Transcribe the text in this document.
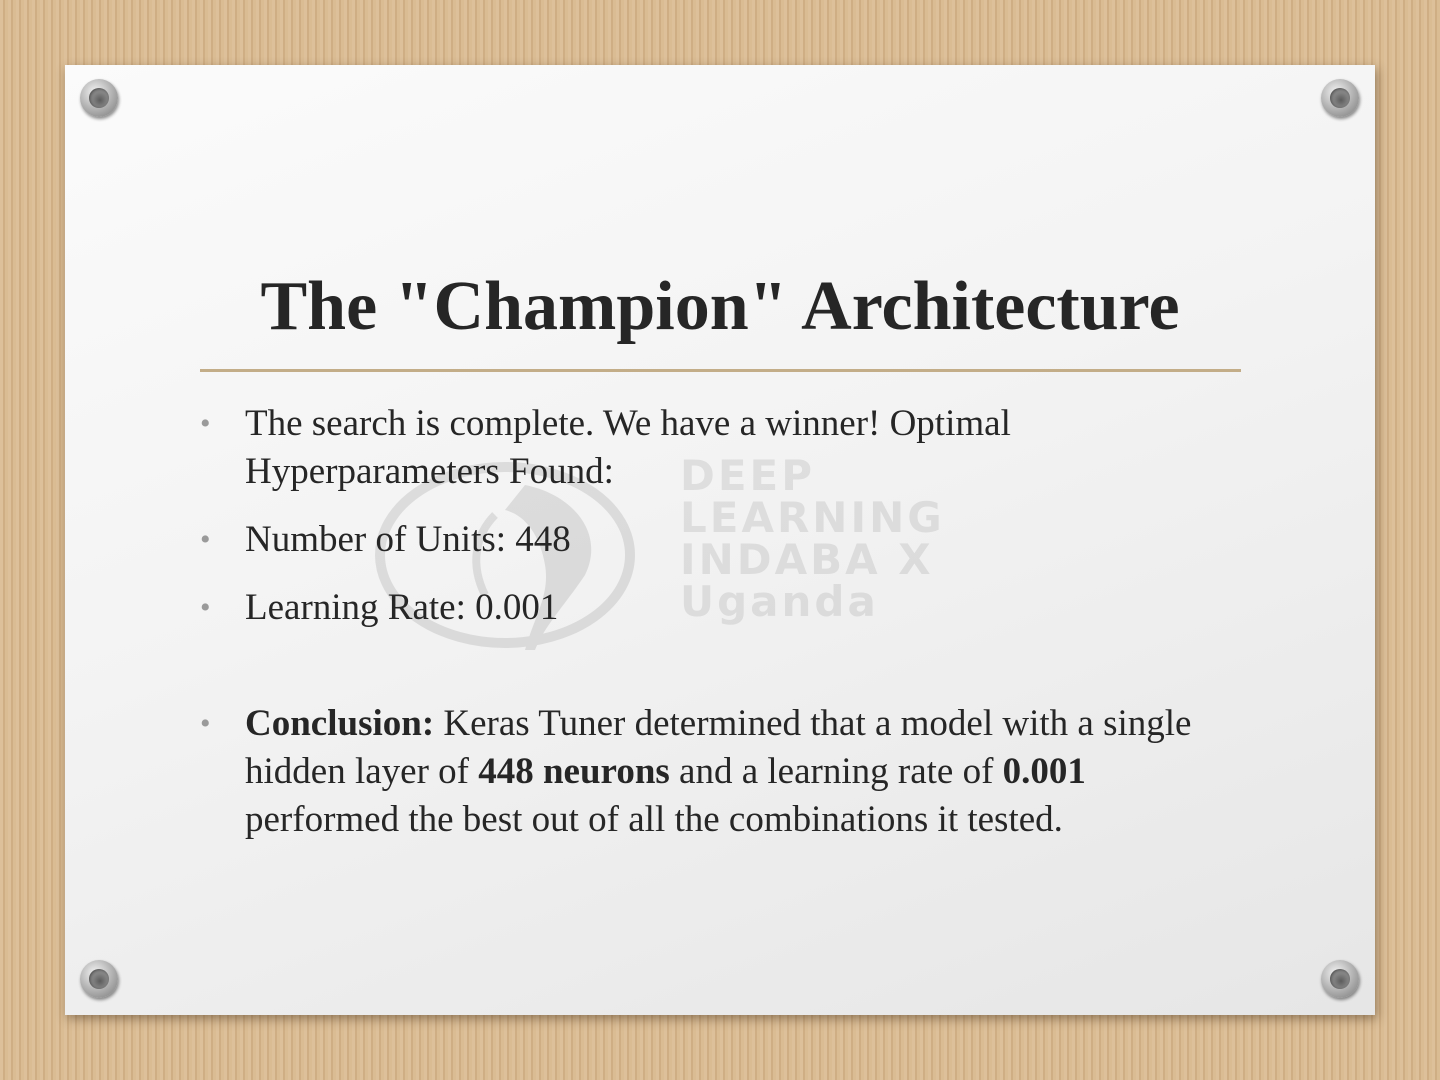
DEEP
LEARNING
INDABA X
Uganda
The "Champion" Architecture
• The search is complete. We have a winner! Optimal Hyperparameters Found:
• Number of Units: 448
• Learning Rate: 0.001
• Conclusion: Keras Tuner determined that a model with a single hidden layer of 448 neurons and a learning rate of 0.001 performed the best out of all the combinations it tested.
